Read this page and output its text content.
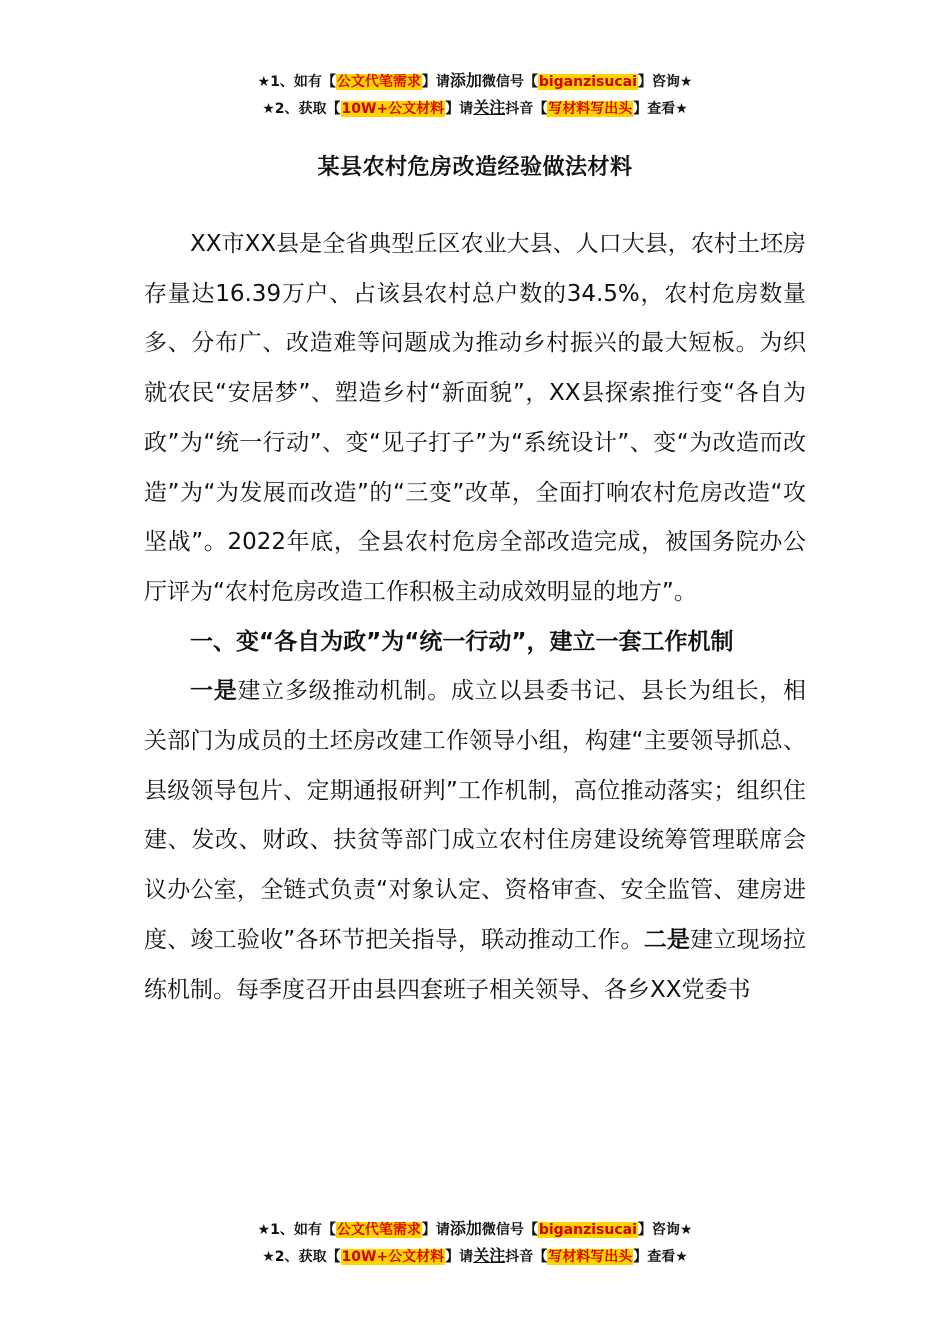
★1、如有【公文代笔需求】请添加微信号【biganzisucai】咨询★
★2、获取【10W+公文材料】请关注抖音【写材料写出头】查看★
某县农村危房改造经验做法材料

XX市XX县是全省典型丘区农业大县、人口大县，农村土坯房存量达16.39万户、占该县农村总户数的34.5%，农村危房数量多、分布广、改造难等问题成为推动乡村振兴的最大短板。为织就农民“安居梦”、塑造乡村“新面貌”，XX县探索推行变“各自为政”为“统一行动”、变“见子打子”为“系统设计”、变“为改造而改造”为“为发展而改造”的“三变”改革，全面打响农村危房改造“攻坚战”。2022年底，全县农村危房全部改造完成，被国务院办公厅评为“农村危房改造工作积极主动成效明显的地方”。

一、变“各自为政”为“统一行动”，建立一套工作机制

一是建立多级推动机制。成立以县委书记、县长为组长，相关部门为成员的土坯房改建工作领导小组，构建“主要领导抓总、县级领导包片、定期通报研判”工作机制，高位推动落实；组织住建、发改、财政、扶贫等部门成立农村住房建设统筹管理联席会议办公室，全链式负责“对象认定、资格审查、安全监管、建房进度、竣工验收”各环节把关指导，联动推动工作。二是建立现场拉练机制。每季度召开由县四套班子相关领导、各乡XX党委书

★1、如有【公文代笔需求】请添加微信号【biganzisucai】咨询★
★2、获取【10W+公文材料】请关注抖音【写材料写出头】查看★
